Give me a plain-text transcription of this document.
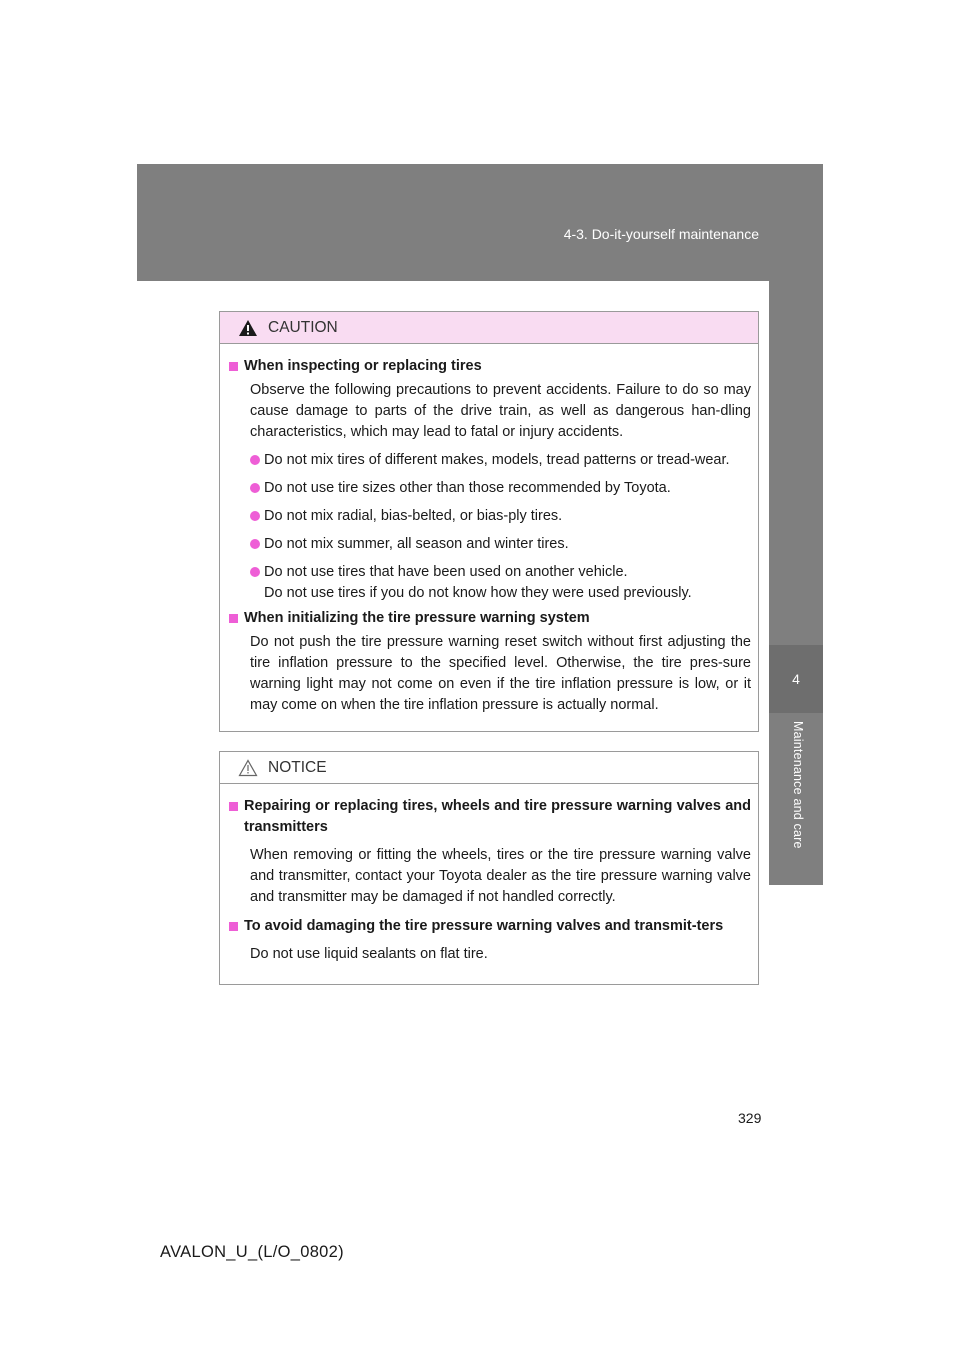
4-3. Do-it-yourself maintenance
4
Maintenance and care
CAUTION
When inspecting or replacing tires
Observe the following precautions to prevent accidents. Failure to do so may cause damage to parts of the drive train, as well as dangerous han-dling characteristics, which may lead to fatal or injury accidents.
Do not mix tires of different makes, models, tread patterns or tread-wear.
Do not use tire sizes other than those recommended by Toyota.
Do not mix radial, bias-belted, or bias-ply tires.
Do not mix summer, all season and winter tires.
Do not use tires that have been used on another vehicle.
Do not use tires if you do not know how they were used previously.
When initializing the tire pressure warning system
Do not push the tire pressure warning reset switch without first adjusting the tire inflation pressure to the specified level. Otherwise, the tire pres-sure warning light may not come on even if the tire inflation pressure is low, or it may come on when the tire inflation pressure is actually normal.
NOTICE
Repairing or replacing tires, wheels and tire pressure warning valves and transmitters
When removing or fitting the wheels, tires or the tire pressure warning valve and transmitter, contact your Toyota dealer as the tire pressure warning valve and transmitter may be damaged if not handled correctly.
To avoid damaging the tire pressure warning valves and transmit-ters
Do not use liquid sealants on flat tire.
329
AVALON_U_(L/O_0802)
